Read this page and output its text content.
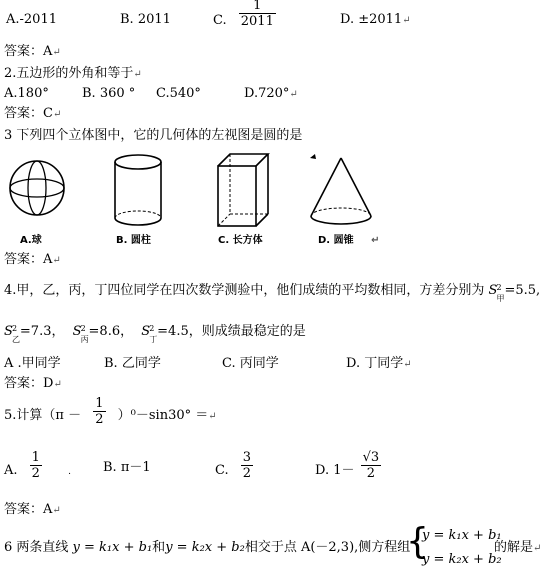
A.-2011	B. 2011	C. $\frac{1}{2011}$	D. ±2011↵
答案：A↵
2.五边形的外角和等于↵
A.180°	B. 360 ° C.540°	D.720°↵
答案：C↵
3 下列四个立体图中，它的几何体的左视图是圆的是
A.球	B. 圆柱	C. 长方体	D. 圆锥 ↵
答案：A↵
4.甲，乙，丙，丁四位同学在四次数学测验中，他们成绩的平均数相同，方差分别为 S 2
甲 =5.5,
S 2
乙 =7.3， S 2
丙 =8.6， S 2
丁 =4.5，则成绩最稳定的是
A .甲同学	B. 乙同学	C. 丙同学	D. 丁同学↵
答案：D↵
5.计算$(\pi - \frac{1}{2} )^0-\sin 30^\circ$ ＝↵
A. $\frac{1}{2}$	. B. π－1	C. $\frac{3}{2}$	D. $1- \frac{√3}{2}$
答案：A↵
6 两条直线 y = k₁x + b₁和y = k₂x + b₂相交于点 A(－2,3),侧方程组
{
y = k₁x + b₁
y = k₂x + b₂
的解是↵
